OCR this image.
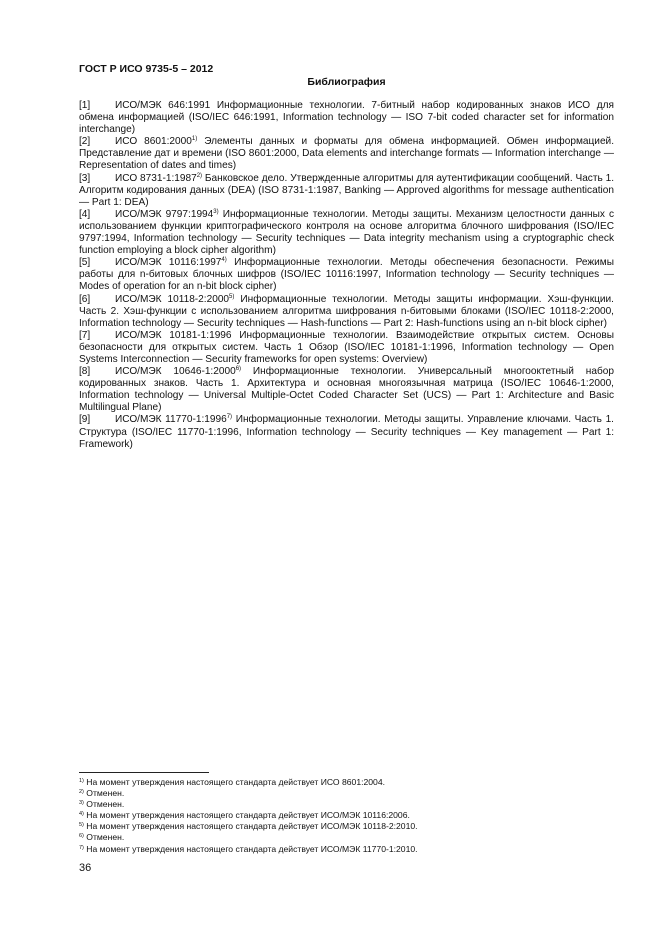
ГОСТ Р ИСО 9735-5 – 2012
Библиография
[1] ИСО/МЭК 646:1991 Информационные технологии. 7-битный набор кодированных знаков ИСО для обмена информацией (ISO/IEC 646:1991, Information technology — ISO 7-bit coded character set for information interchange)
[2] ИСО 8601:2000$^{1)}$ Элементы данных и форматы для обмена информацией. Обмен информацией. Представление дат и времени (ISO 8601:2000, Data elements and interchange formats — Information interchange — Representation of dates and times)
[3] ИСО 8731-1:1987$^{2)}$ Банковское дело. Утвержденные алгоритмы для аутентификации сообщений. Часть 1. Алгоритм кодирования данных (DEA) (ISO 8731-1:1987, Banking — Approved algorithms for message authentication — Part 1: DEA)
[4] ИСО/МЭК 9797:1994$^{3)}$ Информационные технологии. Методы защиты. Механизм целостности данных с использованием функции криптографического контроля на основе алгоритма блочного шифрования (ISO/IEC 9797:1994, Information technology — Security techniques — Data integrity mechanism using a cryptographic check function employing a block cipher algorithm)
[5] ИСО/МЭК 10116:1997$^{4)}$ Информационные технологии. Методы обеспечения безопасности. Режимы работы для n-битовых блочных шифров (ISO/IEC 10116:1997, Information technology — Security techniques — Modes of operation for an n-bit block cipher)
[6] ИСО/МЭК 10118-2:2000$^{5)}$ Информационные технологии. Методы защиты информации. Хэш-функции. Часть 2. Хэш-функции с использованием алгоритма шифрования n-битовыми блоками (ISO/IEC 10118-2:2000, Information technology — Security techniques — Hash-functions — Part 2: Hash-functions using an n-bit block cipher)
[7] ИСО/МЭК 10181-1:1996 Информационные технологии. Взаимодействие открытых систем. Основы безопасности для открытых систем. Часть 1 Обзор (ISO/IEC 10181-1:1996, Information technology — Open Systems Interconnection — Security frameworks for open systems: Overview)
[8] ИСО/МЭК 10646-1:2000$^{6)}$ Информационные технологии. Универсальный многооктетный набор кодированных знаков. Часть 1. Архитектура и основная многоязычная матрица (ISO/IEC 10646-1:2000, Information technology — Universal Multiple-Octet Coded Character Set (UCS) — Part 1: Architecture and Basic Multilingual Plane)
[9] ИСО/МЭК 11770-1:1996$^{7)}$ Информационные технологии. Методы защиты. Управление ключами. Часть 1. Структура (ISO/IEC 11770-1:1996, Information technology — Security techniques — Key management — Part 1: Framework)
$^{1)}$ На момент утверждения настоящего стандарта действует ИСО 8601:2004.
$^{2)}$ Отменен.
$^{3)}$ Отменен.
$^{4)}$ На момент утверждения настоящего стандарта действует ИСО/МЭК 10116:2006.
$^{5)}$ На момент утверждения настоящего стандарта действует ИСО/МЭК 10118-2:2010.
$^{6)}$ Отменен.
$^{7)}$ На момент утверждения настоящего стандарта действует ИСО/МЭК 11770-1:2010.
36
